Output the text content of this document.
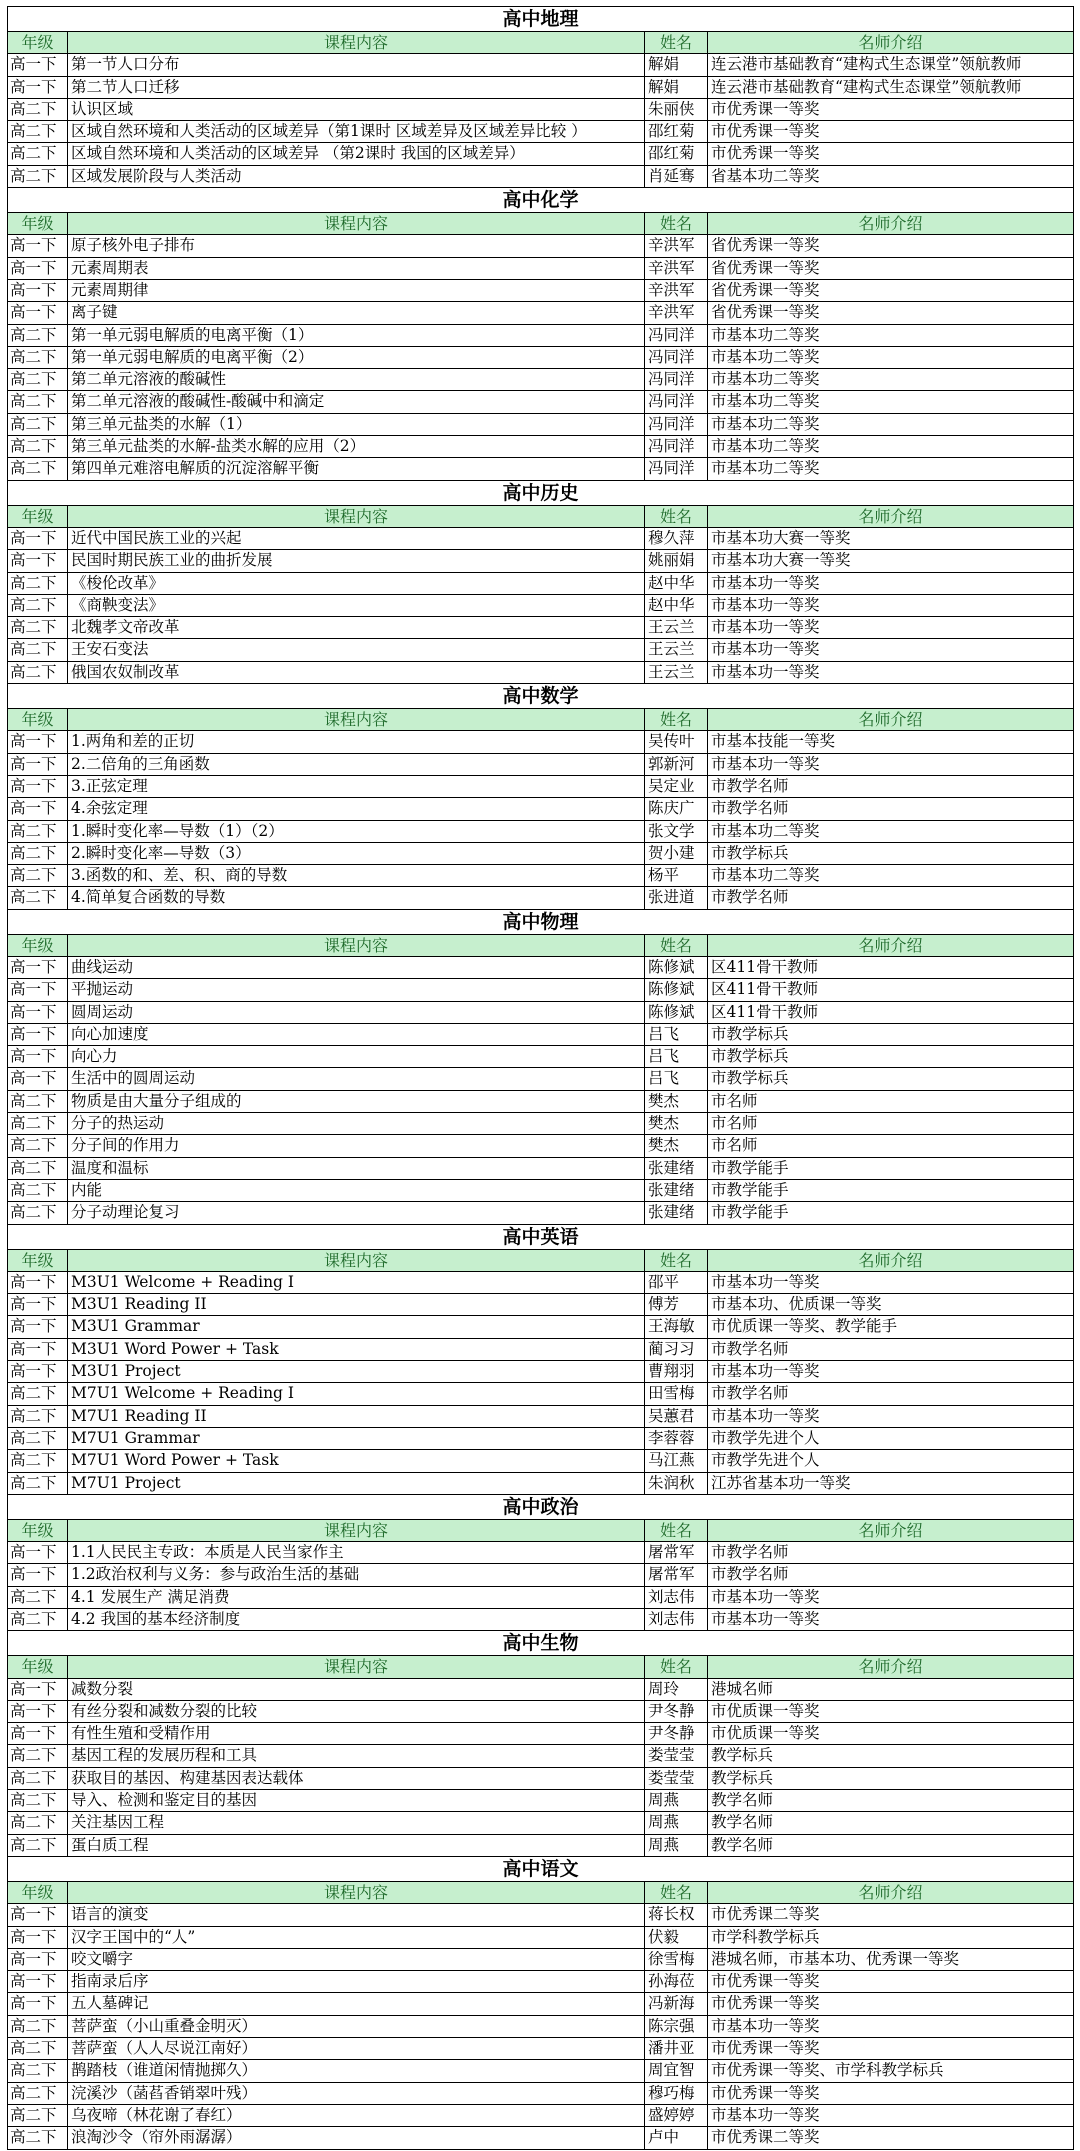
高中地理
年级	课程内容	姓名	名师介绍
高一下 第一节人口分布	解娟	连云港市基础教育“建构式生态课堂”领航教师
高一下 第二节人口迁移	解娟	连云港市基础教育“建构式生态课堂”领航教师
高二下 认识区域	朱丽侠	市优秀课一等奖
高二下 区域自然环境和人类活动的区域差异（第1课时 区域差异及区域差异比较 ）	邵红菊	市优秀课一等奖
高二下 区域自然环境和人类活动的区域差异 （第2课时 我国的区域差异）	邵红菊	市优秀课一等奖
高二下 区域发展阶段与人类活动	肖延骞	省基本功二等奖
高中化学
年级	课程内容	姓名	名师介绍
高一下 原子核外电子排布	辛洪军	省优秀课一等奖
高一下 元素周期表	辛洪军	省优秀课一等奖
高一下 元素周期律	辛洪军	省优秀课一等奖
高一下 离子键	辛洪军	省优秀课一等奖
高二下 第一单元弱电解质的电离平衡（1）	冯同洋	市基本功二等奖
高二下 第一单元弱电解质的电离平衡（2）	冯同洋	市基本功二等奖
高二下 第二单元溶液的酸碱性	冯同洋	市基本功二等奖
高二下 第二单元溶液的酸碱性-酸碱中和滴定	冯同洋	市基本功二等奖
高二下 第三单元盐类的水解（1）	冯同洋	市基本功二等奖
高二下 第三单元盐类的水解-盐类水解的应用（2）	冯同洋	市基本功二等奖
高二下 第四单元难溶电解质的沉淀溶解平衡	冯同洋	市基本功二等奖
高中历史
年级	课程内容	姓名	名师介绍
高一下 近代中国民族工业的兴起	穆久萍	市基本功大赛一等奖
高一下 民国时期民族工业的曲折发展	姚丽娟	市基本功大赛一等奖
高二下 《梭伦改革》	赵中华	市基本功一等奖
高二下 《商鞅变法》	赵中华	市基本功一等奖
高二下 北魏孝文帝改革	王云兰	市基本功一等奖
高二下 王安石变法	王云兰	市基本功一等奖
高二下 俄国农奴制改革	王云兰	市基本功一等奖
高中数学
年级	课程内容	姓名	名师介绍
高一下 1.两角和差的正切	吴传叶	市基本技能一等奖
高一下 2.二倍角的三角函数	郭新河	市基本功一等奖
高一下 3.正弦定理	吴定业	市教学名师
高一下 4.余弦定理	陈庆广	市教学名师
高二下 1.瞬时变化率—导数（1）（2）	张文学	市基本功二等奖
高二下 2.瞬时变化率—导数（3）	贺小建	市教学标兵
高二下 3.函数的和、差、积、商的导数	杨平	市基本功二等奖
高二下 4.简单复合函数的导数	张进道	市教学名师
高中物理
年级	课程内容	姓名	名师介绍
高一下 曲线运动	陈修斌	区411骨干教师
高一下 平抛运动	陈修斌	区411骨干教师
高一下 圆周运动	陈修斌	区411骨干教师
高一下 向心加速度	吕飞	市教学标兵
高一下 向心力	吕飞	市教学标兵
高一下 生活中的圆周运动	吕飞	市教学标兵
高二下 物质是由大量分子组成的	樊杰	市名师
高二下 分子的热运动	樊杰	市名师
高二下 分子间的作用力	樊杰	市名师
高二下 温度和温标	张建绪	市教学能手
高二下 内能	张建绪	市教学能手
高二下 分子动理论复习	张建绪	市教学能手
高中英语
年级	课程内容	姓名	名师介绍
高一下 M3U1 Welcome + Reading I	邵平	市基本功一等奖
高一下 M3U1 Reading II	傅芳	市基本功、优质课一等奖
高一下 M3U1 Grammar	王海敏	市优质课一等奖、教学能手
高一下 M3U1 Word Power + Task	蔺习习	市教学名师
高一下 M3U1 Project	曹翔羽	市基本功一等奖
高二下 M7U1 Welcome + Reading I	田雪梅	市教学名师
高二下 M7U1 Reading II	吴蕙君	市基本功一等奖
高二下 M7U1 Grammar	李蓉蓉	市教学先进个人
高二下 M7U1 Word Power + Task	马江燕	市教学先进个人
高二下 M7U1 Project	朱润秋	江苏省基本功一等奖
高中政治
年级	课程内容	姓名	名师介绍
高一下 1.1人民民主专政：本质是人民当家作主	屠常军	市教学名师
高一下 1.2政治权利与义务：参与政治生活的基础	屠常军	市教学名师
高二下 4.1 发展生产 满足消费	刘志伟	市基本功一等奖
高二下 4.2 我国的基本经济制度	刘志伟	市基本功一等奖
高中生物
年级	课程内容	姓名	名师介绍
高一下 减数分裂	周玲	港城名师
高一下 有丝分裂和减数分裂的比较	尹冬静	市优质课一等奖
高一下 有性生殖和受精作用	尹冬静	市优质课一等奖
高二下 基因工程的发展历程和工具	娄莹莹	教学标兵
高二下 获取目的基因、构建基因表达载体	娄莹莹	教学标兵
高二下 导入、检测和鉴定目的基因	周燕	教学名师
高二下 关注基因工程	周燕	教学名师
高二下 蛋白质工程	周燕	教学名师
高中语文
年级	课程内容	姓名	名师介绍
高一下 语言的演变	蒋长权	市优秀课二等奖
高一下 汉字王国中的“人”	伏毅	市学科教学标兵
高一下 咬文嚼字	徐雪梅	港城名师，市基本功、优秀课一等奖
高一下 指南录后序	孙海莅	市优秀课一等奖
高一下 五人墓碑记	冯新海	市优秀课一等奖
高二下 菩萨蛮（小山重叠金明灭）	陈宗强	市基本功一等奖
高二下 菩萨蛮（人人尽说江南好）	潘井亚	市优秀课一等奖
高二下 鹊踏枝（谁道闲情抛掷久）	周宜智	市优秀课一等奖、市学科教学标兵
高二下 浣溪沙（菡萏香销翠叶残）	穆巧梅	市优秀课一等奖
高二下 乌夜啼（林花谢了春红）	盛婷婷	市基本功一等奖
高二下 浪淘沙令（帘外雨潺潺）	卢中	市优秀课二等奖
